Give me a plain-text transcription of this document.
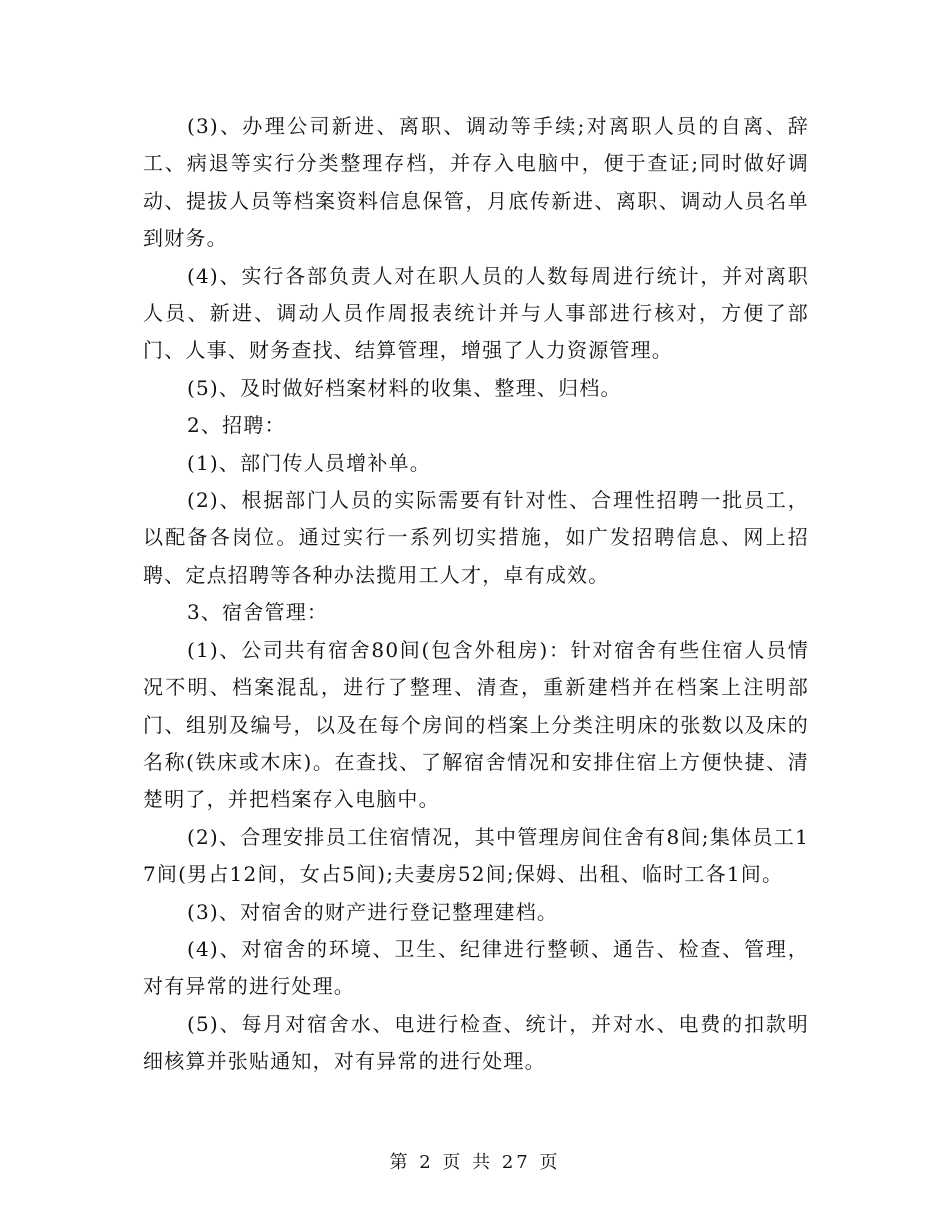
(3)、办理公司新进、离职、调动等手续;对离职人员的自离、辞工、病退等实行分类整理存档，并存入电脑中，便于查证;同时做好调动、提拔人员等档案资料信息保管，月底传新进、离职、调动人员名单到财务。

(4)、实行各部负责人对在职人员的人数每周进行统计，并对离职人员、新进、调动人员作周报表统计并与人事部进行核对，方便了部门、人事、财务查找、结算管理，增强了人力资源管理。

(5)、及时做好档案材料的收集、整理、归档。

2、招聘：

(1)、部门传人员增补单。

(2)、根据部门人员的实际需要有针对性、合理性招聘一批员工，以配备各岗位。通过实行一系列切实措施，如广发招聘信息、网上招聘、定点招聘等各种办法揽用工人才，卓有成效。

3、宿舍管理：

(1)、公司共有宿舍80间(包含外租房)：针对宿舍有些住宿人员情况不明、档案混乱，进行了整理、清查，重新建档并在档案上注明部门、组别及编号，以及在每个房间的档案上分类注明床的张数以及床的名称(铁床或木床)。在查找、了解宿舍情况和安排住宿上方便快捷、清楚明了，并把档案存入电脑中。

(2)、合理安排员工住宿情况，其中管理房间住舍有8间;集体员工17间(男占12间，女占5间);夫妻房52间;保姆、出租、临时工各1间。

(3)、对宿舍的财产进行登记整理建档。

(4)、对宿舍的环境、卫生、纪律进行整顿、通告、检查、管理，对有异常的进行处理。

(5)、每月对宿舍水、电进行检查、统计，并对水、电费的扣款明细核算并张贴通知，对有异常的进行处理。

第 2 页 共 27 页
